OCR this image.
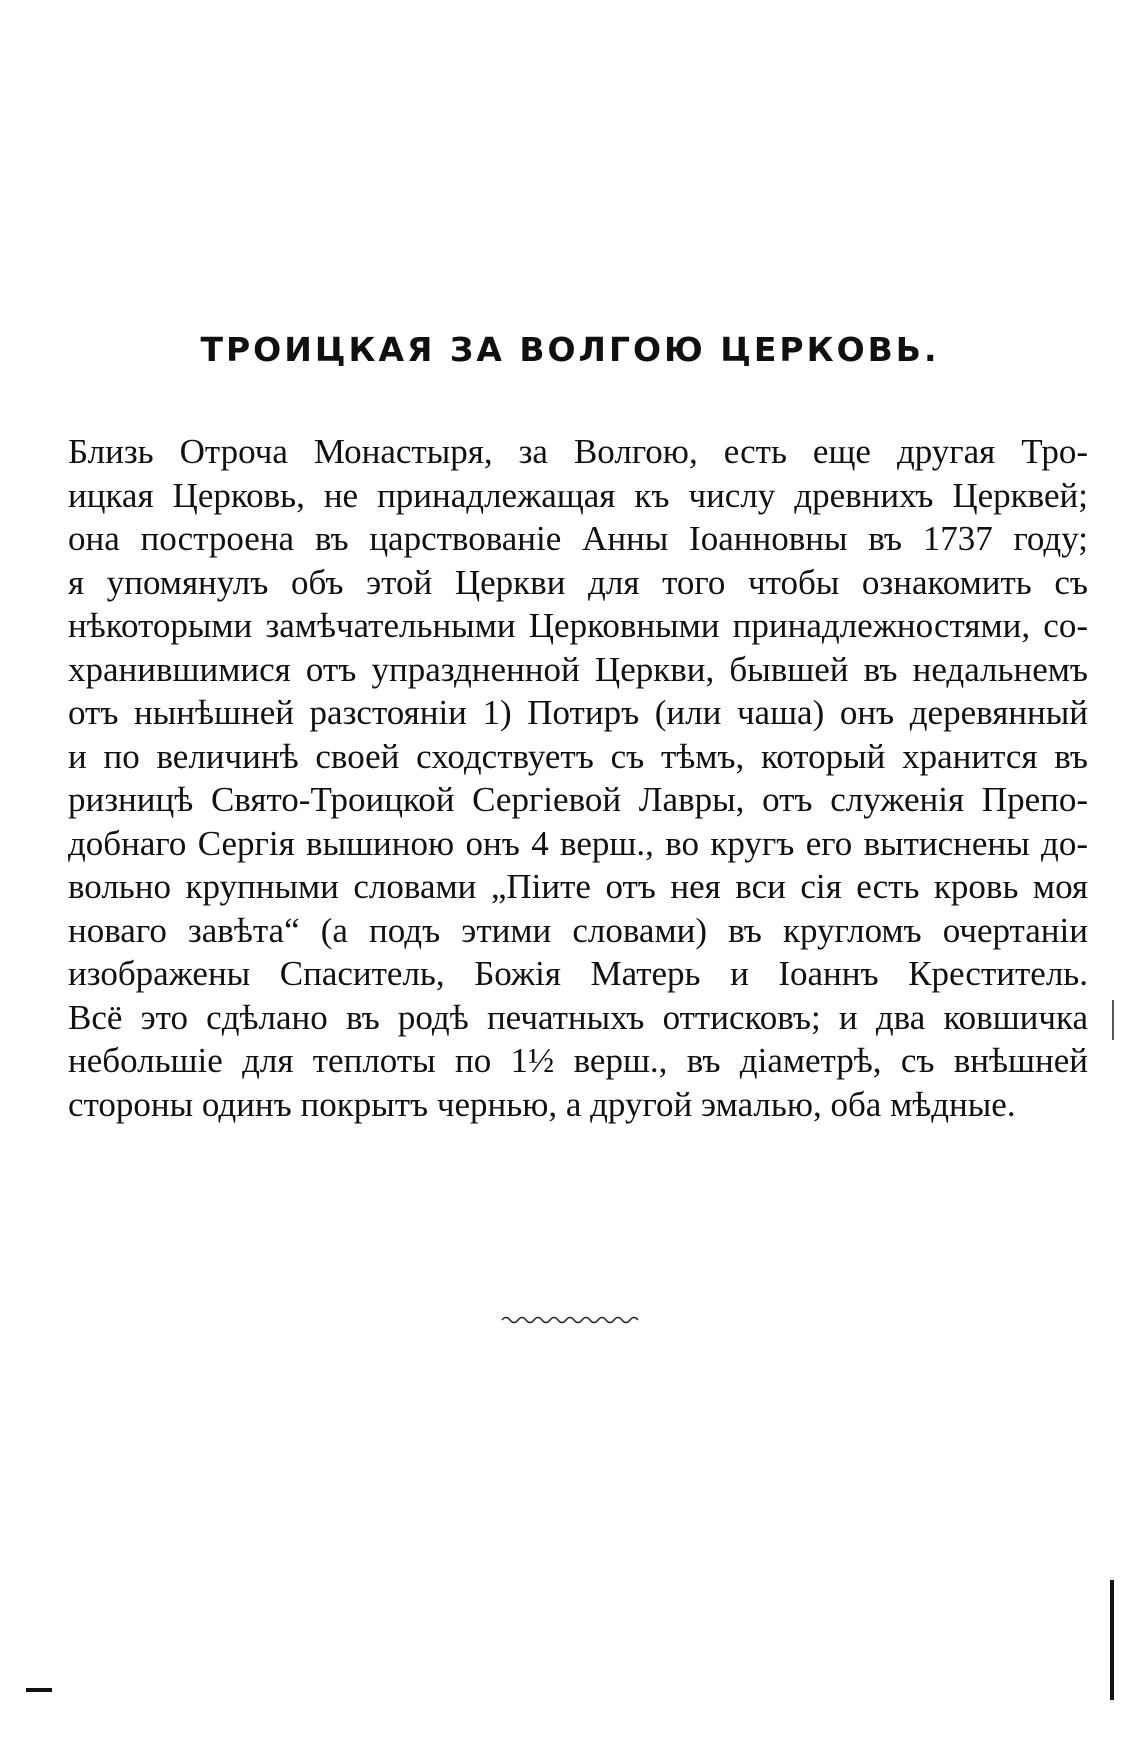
ТРОИЦКАЯ ЗА ВОЛГОЮ ЦЕРКОВЬ.
Близь Отроча Монастыря, за Волгою, есть еще другая Тро-
ицкая Церковь, не принадлежащая къ числу древнихъ Церквей;
она построена въ царствованіе Анны Іоанновны въ 1737 году;
я упомянулъ объ этой Церкви для того чтобы ознакомить съ
нѣкоторыми замѣчательными Церковными принадлежностями, со-
хранившимися отъ упраздненной Церкви, бывшей въ недальнемъ
отъ нынѣшней разстояніи 1) Потиръ (или чаша) онъ деревянный
и по величинѣ своей сходствуетъ съ тѣмъ, который хранится въ
ризницѣ Свято-Троицкой Сергіевой Лавры, отъ служенія Препо-
добнаго Сергія вышиною онъ 4 верш., во кругъ его вытиснены до-
вольно крупными словами „Піите отъ нея вси сія есть кровь моя
новаго завѣта“ (а подъ этими словами) въ кругломъ очертаніи
изображены Спаситель, Божія Матерь и Іоаннъ Креститель.
Всё это сдѣлано въ родѣ печатныхъ оттисковъ; и два ковшичка
небольшіе для теплоты по 1½ верш., въ діаметрѣ, съ внѣшней
стороны одинъ покрытъ чернью, а другой эмалью, оба мѣдные.
